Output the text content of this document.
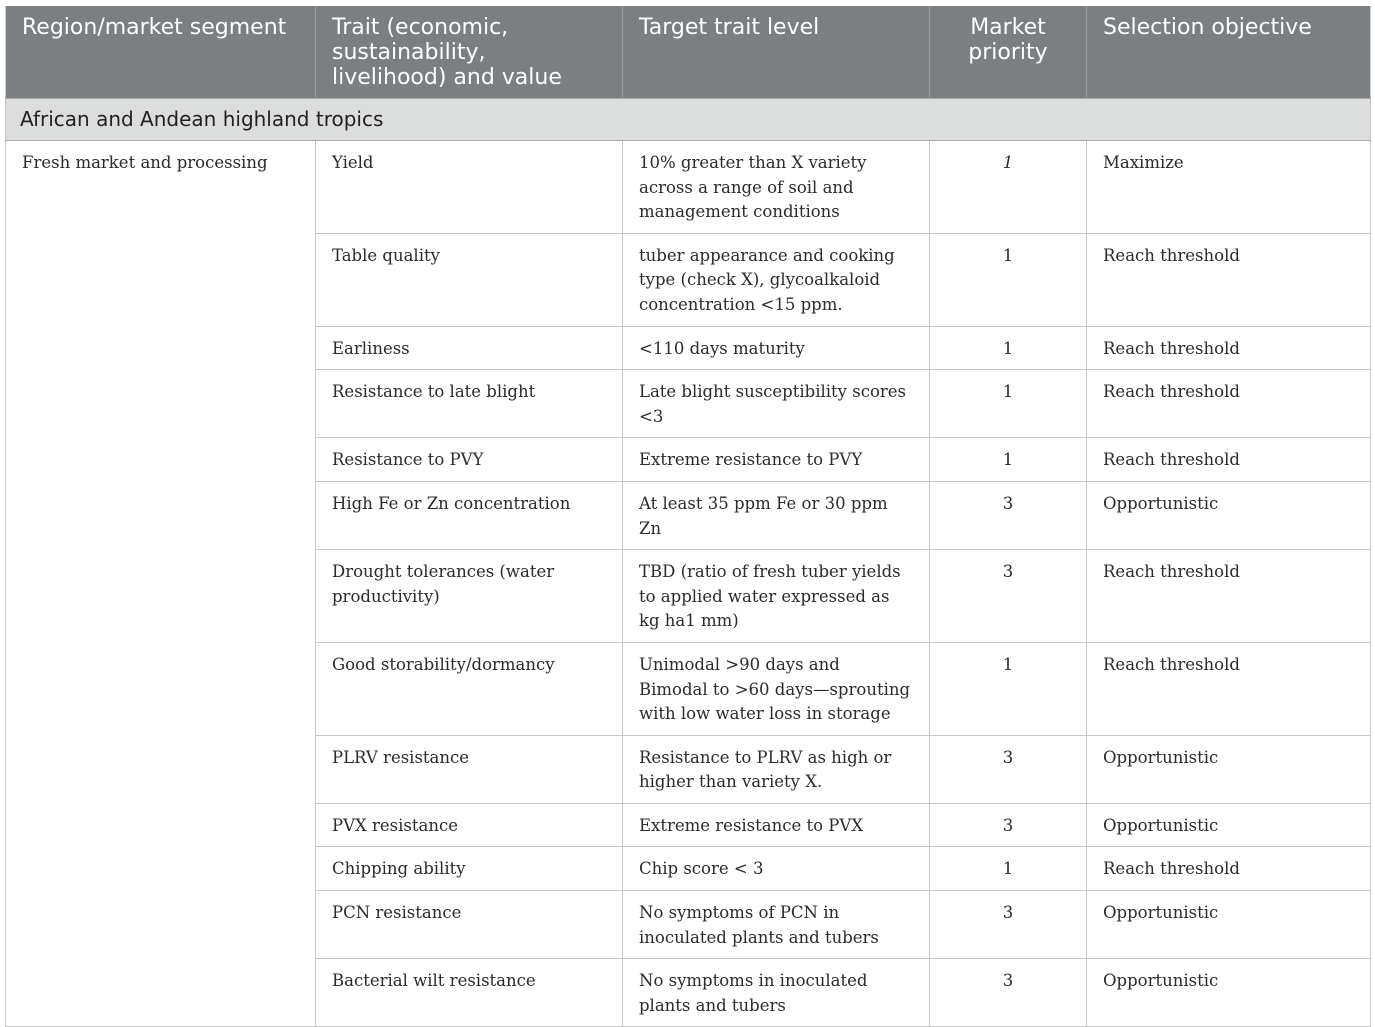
Region/market segment	Trait (economic, sustainability, livelihood) and value	Target trait level	Market priority	Selection objective
African and Andean highland tropics				
Fresh market and processing	Yield	10% greater than X variety across a range of soil and management conditions	1	Maximize
	Table quality	tuber appearance and cooking type (check X), glycoalkaloid concentration <15 ppm.	1	Reach threshold
	Earliness	<110 days maturity	1	Reach threshold
	Resistance to late blight	Late blight susceptibility scores <3	1	Reach threshold
	Resistance to PVY	Extreme resistance to PVY	1	Reach threshold
	High Fe or Zn concentration	At least 35 ppm Fe or 30 ppm Zn	3	Opportunistic
	Drought tolerances (water productivity)	TBD (ratio of fresh tuber yields to applied water expressed as kg ha1 mm)	3	Reach threshold
	Good storability/dormancy	Unimodal >90 days and Bimodal to >60 days—sprouting with low water loss in storage	1	Reach threshold
	PLRV resistance	Resistance to PLRV as high or higher than variety X.	3	Opportunistic
	PVX resistance	Extreme resistance to PVX	3	Opportunistic
	Chipping ability	Chip score < 3	1	Reach threshold
	PCN resistance	No symptoms of PCN in inoculated plants and tubers	3	Opportunistic
	Bacterial wilt resistance	No symptoms in inoculated plants and tubers	3	Opportunistic
